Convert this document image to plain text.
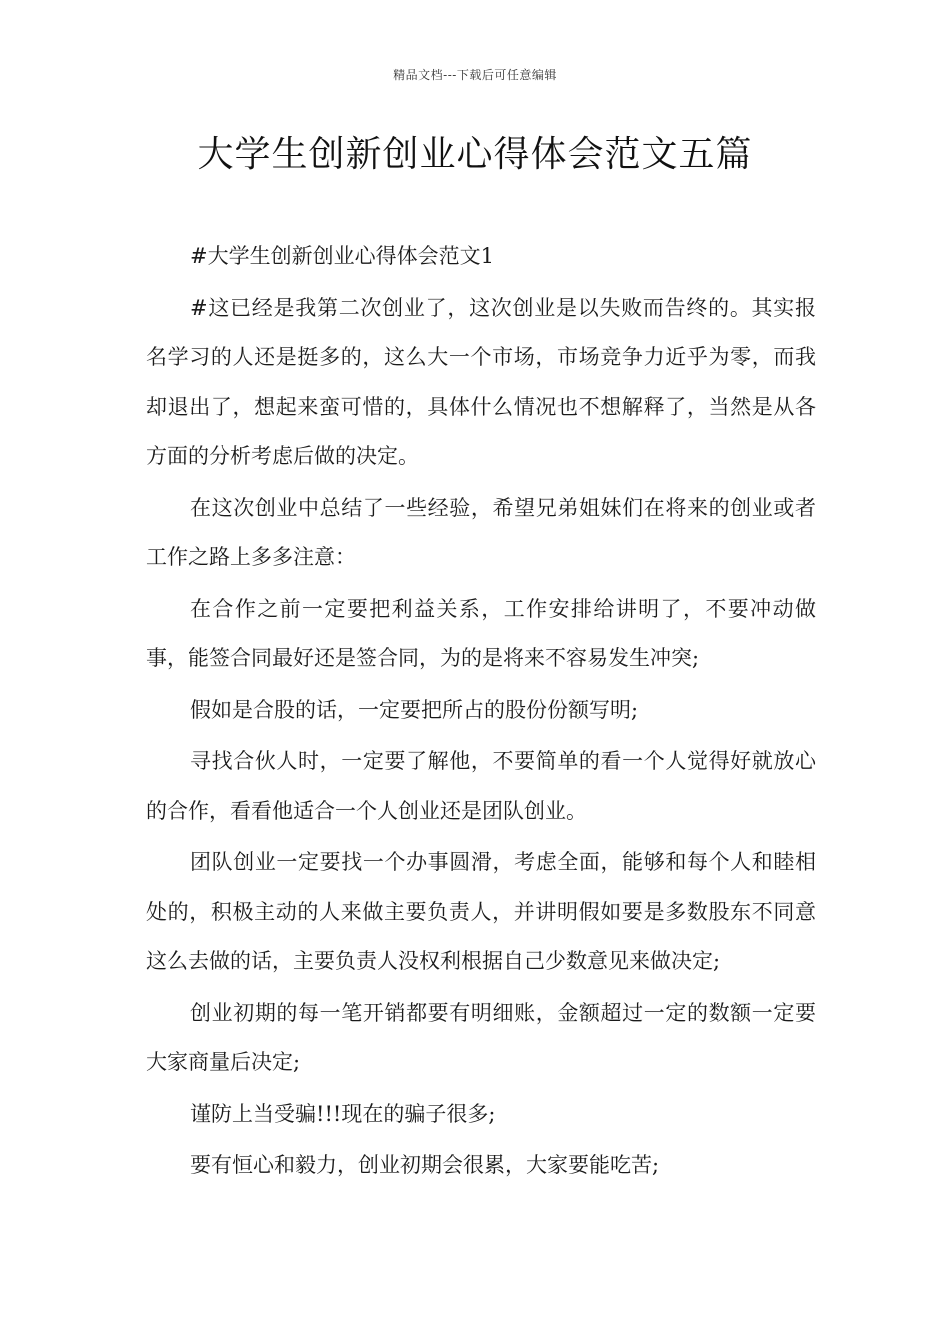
精品文档---下载后可任意编辑
大学生创新创业心得体会范文五篇

#大学生创新创业心得体会范文1

#这已经是我第二次创业了，这次创业是以失败而告终的。其实报名学习的人还是挺多的，这么大一个市场，市场竞争力近乎为零，而我却退出了，想起来蛮可惜的，具体什么情况也不想解释了，当然是从各方面的分析考虑后做的决定。

在这次创业中总结了一些经验，希望兄弟姐妹们在将来的创业或者工作之路上多多注意：

在合作之前一定要把利益关系，工作安排给讲明了，不要冲动做事，能签合同最好还是签合同，为的是将来不容易发生冲突;

假如是合股的话，一定要把所占的股份份额写明;

寻找合伙人时，一定要了解他，不要简单的看一个人觉得好就放心的合作，看看他适合一个人创业还是团队创业。

团队创业一定要找一个办事圆滑，考虑全面，能够和每个人和睦相处的，积极主动的人来做主要负责人，并讲明假如要是多数股东不同意这么去做的话，主要负责人没权利根据自己少数意见来做决定;

创业初期的每一笔开销都要有明细账，金额超过一定的数额一定要大家商量后决定;

谨防上当受骗!!!现在的骗子很多;

要有恒心和毅力，创业初期会很累，大家要能吃苦;
